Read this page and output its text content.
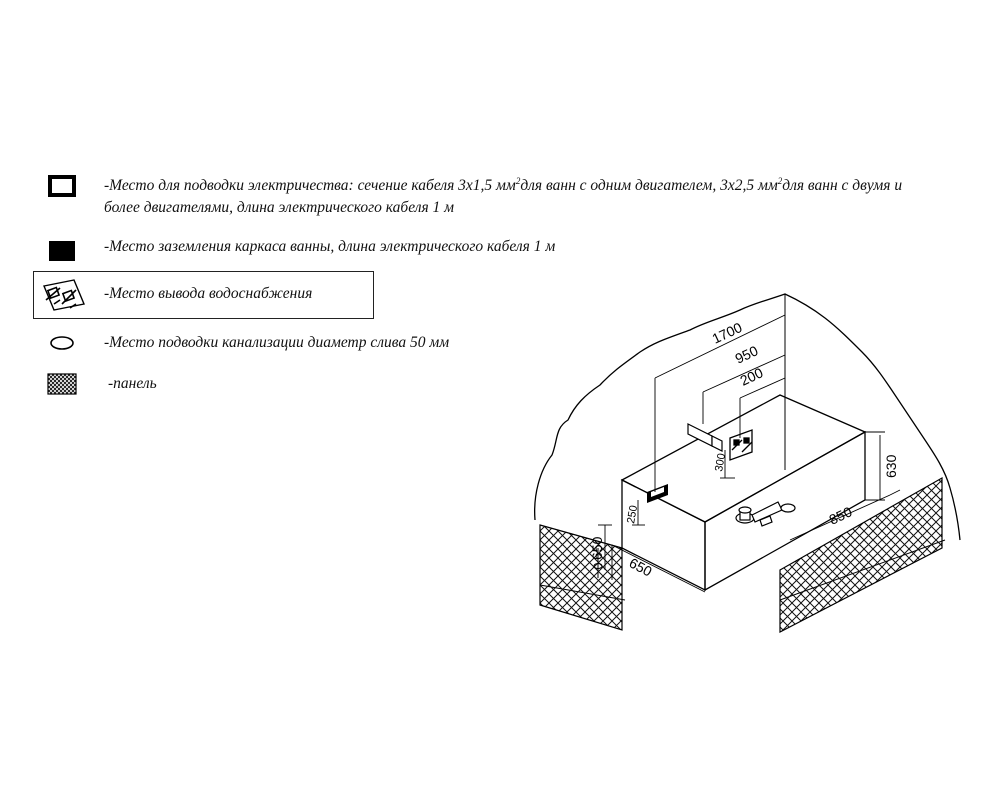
-Место для подводки электричества: сечение кабеля 3х1,5 $мм^2для$ ванн с одним двигателем, 3х2,5 $мм^2для$ ванн с двумя и
более двигателями, длина электрического кабеля 1 м
-Место заземления каркаса ванны, длина электрического кабеля 1 м
-Место вывода водоснабжения
-Место подводки канализации диаметр слива 50 мм
-панель
1700
950
200
300
250
630
850
650
650
